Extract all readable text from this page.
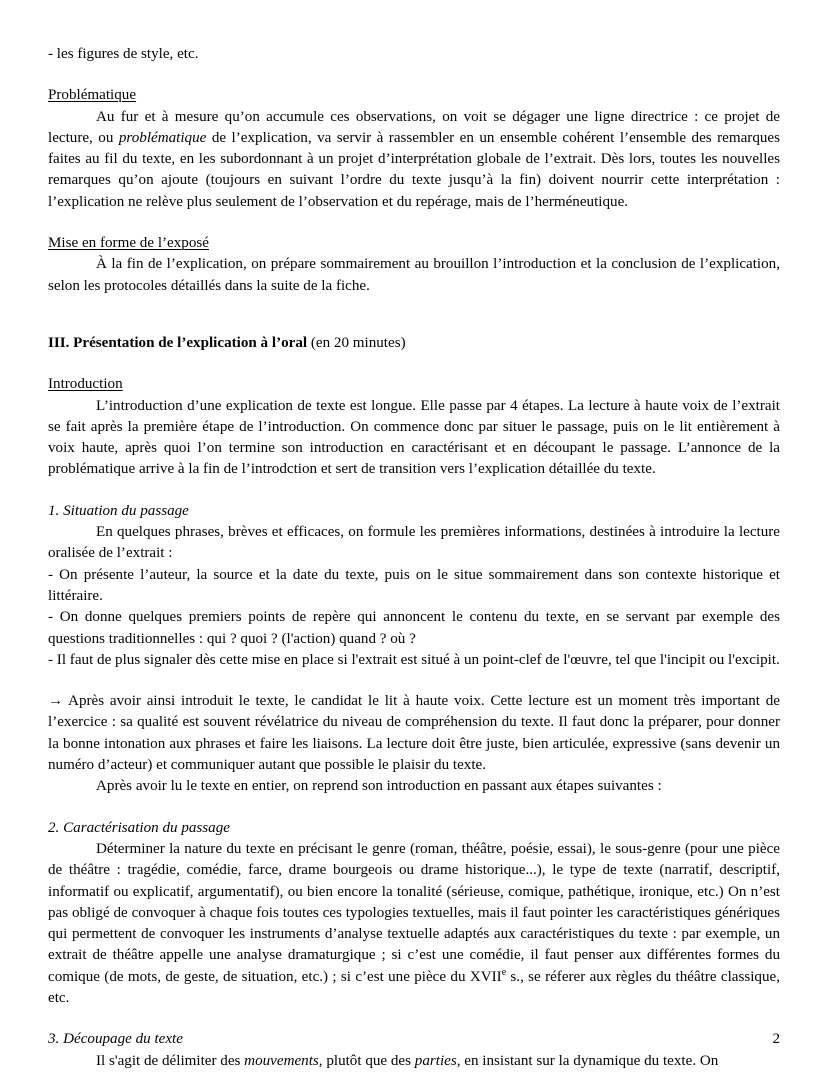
- les figures de style, etc.

Problématique

Au fur et à mesure qu’on accumule ces observations, on voit se dégager une ligne directrice : ce projet de lecture, ou problématique de l’explication, va servir à rassembler en un ensemble cohérent l’ensemble des remarques faites au fil du texte, en les subordonnant à un projet d’interprétation globale de l’extrait. Dès lors, toutes les nouvelles remarques qu’on ajoute (toujours en suivant l’ordre du texte jusqu’à la fin) doivent nourrir cette interprétation : l’explication ne relève plus seulement de l’observation et du repérage, mais de l’herméneutique.

Mise en forme de l’exposé

À la fin de l’explication, on prépare sommairement au brouillon l’introduction et la conclusion de l’explication, selon les protocoles détaillés dans la suite de la fiche.

III. Présentation de l’explication à l’oral (en 20 minutes)

Introduction

L’introduction d’une explication de texte est longue. Elle passe par 4 étapes. La lecture à haute voix de l’extrait se fait après la première étape de l’introduction. On commence donc par situer le passage, puis on le lit entièrement à voix haute, après quoi l’on termine son introduction en caractérisant et en découpant le passage. L’annonce de la problématique arrive à la fin de l’introdction et sert de transition vers l’explication détaillée du texte.

1. Situation du passage

En quelques phrases, brèves et efficaces, on formule les premières informations, destinées à introduire la lecture oralisée de l’extrait :

- On présente l’auteur, la source et la date du texte, puis on le situe sommairement dans son contexte historique et littéraire.

- On donne quelques premiers points de repère qui annoncent le contenu du texte, en se servant par exemple des questions traditionnelles : qui ? quoi ? (l'action) quand ? où ?

- Il faut de plus signaler dès cette mise en place si l'extrait est situé à un point-clef de l'œuvre, tel que l'incipit ou l'excipit.

→ Après avoir ainsi introduit le texte, le candidat le lit à haute voix. Cette lecture est un moment très important de l’exercice : sa qualité est souvent révélatrice du niveau de compréhension du texte. Il faut donc la préparer, pour donner la bonne intonation aux phrases et faire les liaisons. La lecture doit être juste, bien articulée, expressive (sans devenir un numéro d’acteur) et communiquer autant que possible le plaisir du texte.

Après avoir lu le texte en entier, on reprend son introduction en passant aux étapes suivantes :

2. Caractérisation du passage

Déterminer la nature du texte en précisant le genre (roman, théâtre, poésie, essai), le sous-genre (pour une pièce de théâtre : tragédie, comédie, farce, drame bourgeois ou drame historique...), le type de texte (narratif, descriptif, informatif ou explicatif, argumentatif), ou bien encore la tonalité (sérieuse, comique, pathétique, ironique, etc.) On n’est pas obligé de convoquer à chaque fois toutes ces typologies textuelles, mais il faut pointer les caractéristiques génériques qui permettent de convoquer les instruments d’analyse textuelle adaptés aux caractéristiques du texte : par exemple, un extrait de théâtre appelle une analyse dramaturgique ; si c’est une comédie, il faut penser aux différentes formes du comique (de mots, de geste, de situation, etc.) ; si c’est une pièce du XVIIe s., se réferer aux règles du théâtre classique, etc.

3. Découpage du texte

Il s'agit de délimiter des mouvements, plutôt que des parties, en insistant sur la dynamique du texte. On

2
